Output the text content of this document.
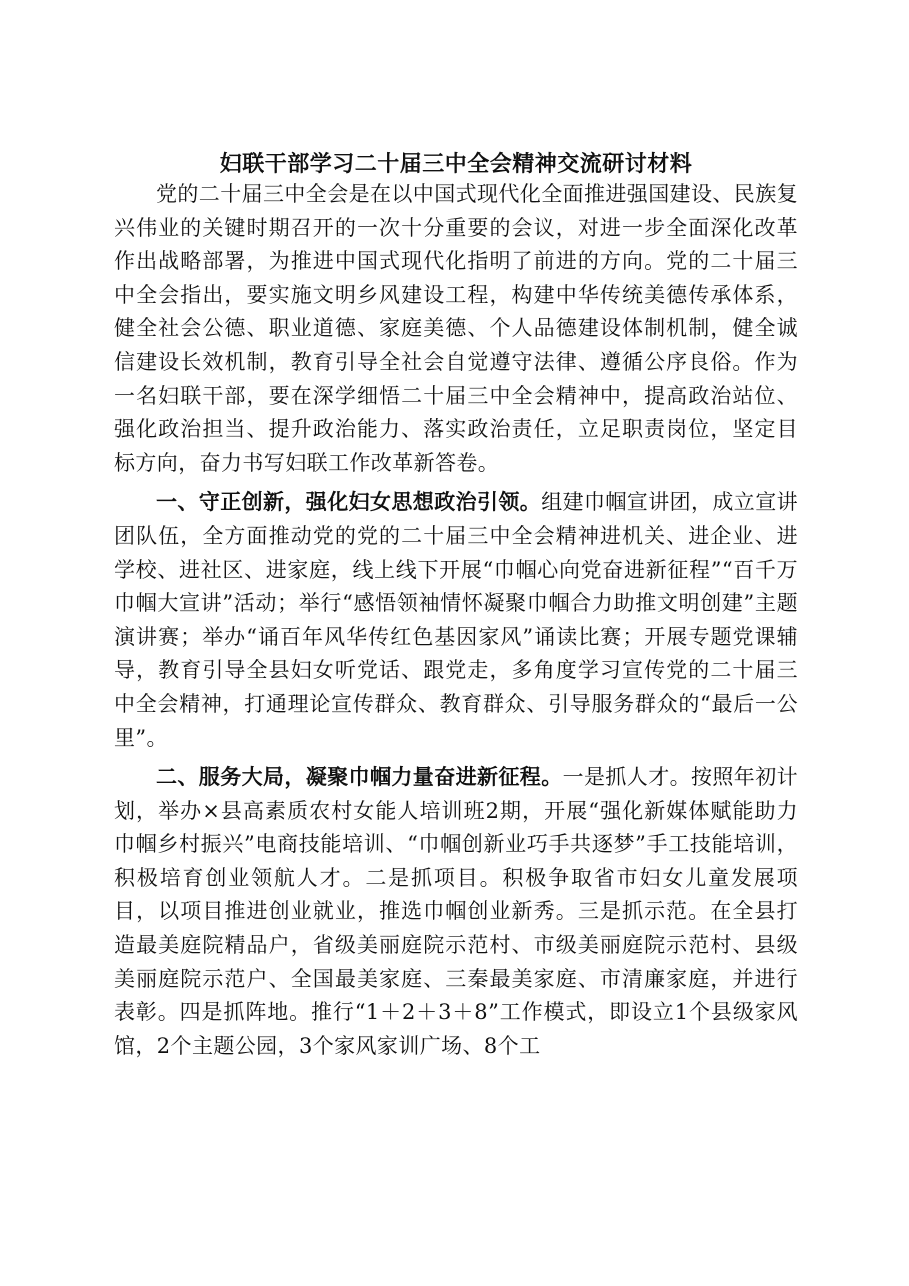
妇联干部学习二十届三中全会精神交流研讨材料

党的二十届三中全会是在以中国式现代化全面推进强国建设、民族复兴伟业的关键时期召开的一次十分重要的会议，对进一步全面深化改革作出战略部署，为推进中国式现代化指明了前进的方向。党的二十届三中全会指出，要实施文明乡风建设工程，构建中华传统美德传承体系，健全社会公德、职业道德、家庭美德、个人品德建设体制机制，健全诚信建设长效机制，教育引导全社会自觉遵守法律、遵循公序良俗。作为一名妇联干部，要在深学细悟二十届三中全会精神中，提高政治站位、强化政治担当、提升政治能力、落实政治责任，立足职责岗位，坚定目标方向，奋力书写妇联工作改革新答卷。

一、守正创新，强化妇女思想政治引领。组建巾帼宣讲团，成立宣讲团队伍，全方面推动党的党的二十届三中全会精神进机关、进企业、进学校、进社区、进家庭，线上线下开展“巾帼心向党奋进新征程”“百千万巾帼大宣讲”活动；举行“感悟领袖情怀凝聚巾帼合力助推文明创建”主题演讲赛；举办“诵百年风华传红色基因家风”诵读比赛；开展专题党课辅导，教育引导全县妇女听党话、跟党走，多角度学习宣传党的二十届三中全会精神，打通理论宣传群众、教育群众、引导服务群众的“最后一公里”。

二、服务大局，凝聚巾帼力量奋进新征程。一是抓人才。按照年初计划，举办×县高素质农村女能人培训班2期，开展“强化新媒体赋能助力巾帼乡村振兴”电商技能培训、“巾帼创新业巧手共逐梦”手工技能培训，积极培育创业领航人才。二是抓项目。积极争取省市妇女儿童发展项目，以项目推进创业就业，推选巾帼创业新秀。三是抓示范。在全县打造最美庭院精品户，省级美丽庭院示范村、市级美丽庭院示范村、县级美丽庭院示范户、全国最美家庭、三秦最美家庭、市清廉家庭，并进行表彰。四是抓阵地。推行“1＋2＋3＋8”工作模式，即设立1个县级家风馆，2个主题公园，3个家风家训广场、8个工
